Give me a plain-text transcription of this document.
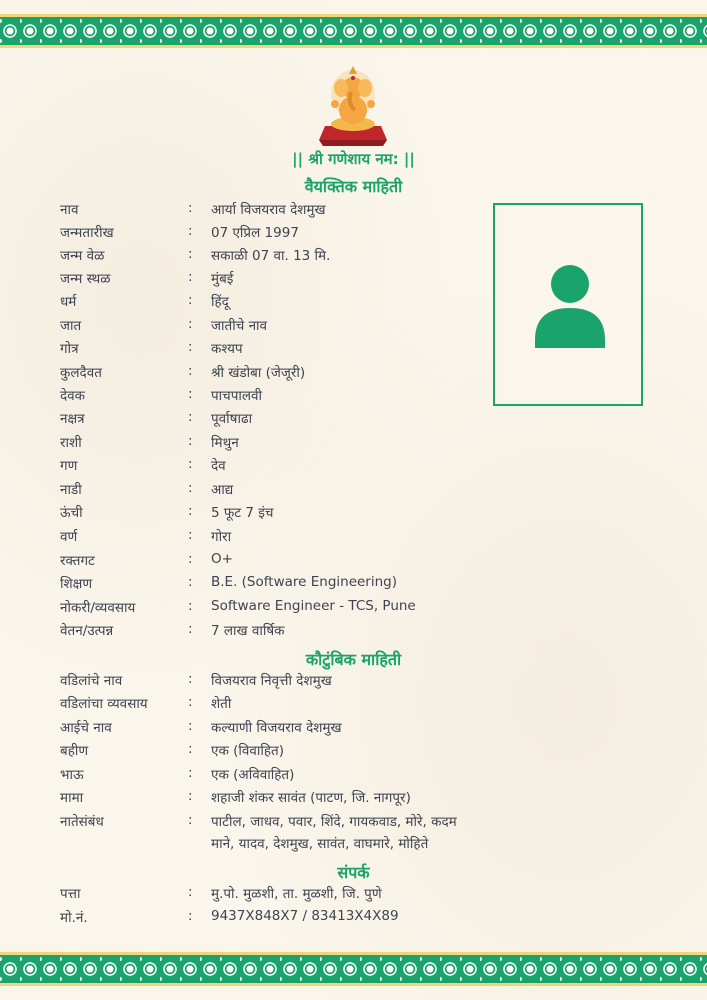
|| श्री गणेशाय नम: ||
वैयक्तिक माहिती
नाव	:	आर्या विजयराव देशमुख
जन्मतारीख	:	07 एप्रिल 1997
जन्म वेळ	:	सकाळी 07 वा. 13 मि.
जन्म स्थळ	:	मुंबई
धर्म	:	हिंदू
जात	:	जातीचे नाव
गोत्र	:	कश्यप
कुलदैवत	:	श्री खंडोबा (जेजूरी)
देवक	:	पाचपालवी
नक्षत्र	:	पूर्वाषाढा
राशी	:	मिथुन
गण	:	देव
नाडी	:	आद्य
ऊंची	:	5 फूट 7 इंच
वर्ण	:	गोरा
रक्तगट	:	O+
शिक्षण	:	B.E. (Software Engineering)
नोकरी/व्यवसाय	:	Software Engineer - TCS, Pune
वेतन/उत्पन्न	:	7 लाख वार्षिक
कौटुंबिक माहिती
वडिलांचे नाव	:	विजयराव निवृत्ती देशमुख
वडिलांचा व्यवसाय	:	शेती
आईचे नाव	:	कल्याणी विजयराव देशमुख
बहीण	:	एक (विवाहित)
भाऊ	:	एक (अविवाहित)
मामा	:	शहाजी शंकर सावंत (पाटण, जि. नागपूर)
नातेसंबंध	:	पाटील, जाधव, पवार, शिंदे, गायकवाड, मोरे, कदम
माने, यादव, देशमुख, सावंत, वाघमारे, मोहिते
संपर्क
पत्ता	:	मु.पो. मुळशी, ता. मुळशी, जि. पुणे
मो.नं.	:	9437X848X7 / 83413X4X89
